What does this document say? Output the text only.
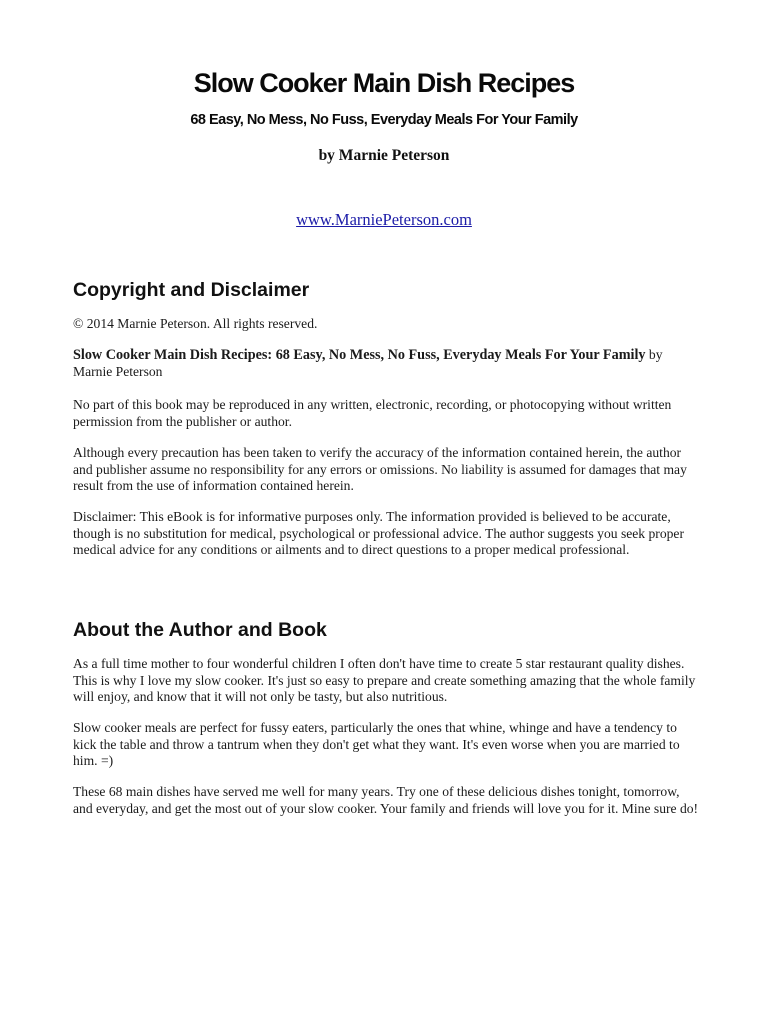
Slow Cooker Main Dish Recipes
68 Easy, No Mess, No Fuss, Everyday Meals For Your Family
by Marnie Peterson
www.MarniePeterson.com
Copyright and Disclaimer
© 2014 Marnie Peterson. All rights reserved.
Slow Cooker Main Dish Recipes: 68 Easy, No Mess, No Fuss, Everyday Meals For Your Family by Marnie Peterson
No part of this book may be reproduced in any written, electronic, recording, or photocopying without written permission from the publisher or author.
Although every precaution has been taken to verify the accuracy of the information contained herein, the author and publisher assume no responsibility for any errors or omissions. No liability is assumed for damages that may result from the use of information contained herein.
Disclaimer: This eBook is for informative purposes only. The information provided is believed to be accurate, though is no substitution for medical, psychological or professional advice. The author suggests you seek proper medical advice for any conditions or ailments and to direct questions to a proper medical professional.
About the Author and Book
As a full time mother to four wonderful children I often don't have time to create 5 star restaurant quality dishes. This is why I love my slow cooker. It's just so easy to prepare and create something amazing that the whole family will enjoy, and know that it will not only be tasty, but also nutritious.
Slow cooker meals are perfect for fussy eaters, particularly the ones that whine, whinge and have a tendency to kick the table and throw a tantrum when they don't get what they want. It's even worse when you are married to him. =)
These 68 main dishes have served me well for many years. Try one of these delicious dishes tonight, tomorrow, and everyday, and get the most out of your slow cooker. Your family and friends will love you for it. Mine sure do!
